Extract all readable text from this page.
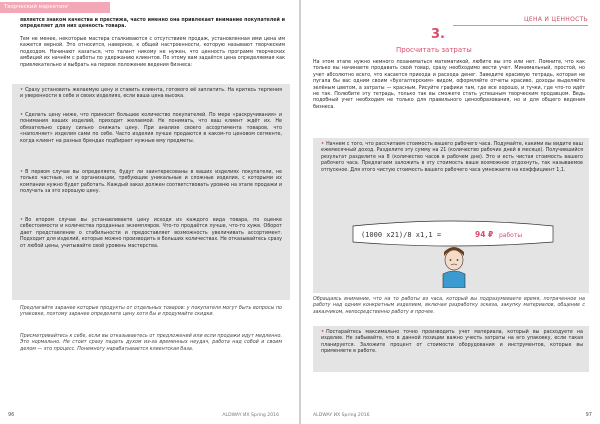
Творческий маркетинг
является знаком качества и престижа, часто именно она привлекает внимание покупателей и определяет для них ценность товара.
Тем не менее, некоторые мастера сталкиваются с отсутствием продаж, установленная ими цена им кажется верной. Это относится, наверное, к общей настроенности, которую называют творческим подходом. Начинают казаться, что талант никому не нужен, что ценность программ творческих амбиций их начнём с работы по удержанию клиентов. По этому вам задаётся цена определяемая как привлекательно и выбрать на первое положение ведения бизнеса:
• Сразу установить желаемую цену и ставить клиента, готового её заплатить. На критесь терпения и уверенности в себе и своих изделиях, если ваша цена высока.
• Сделать цену ниже, что приносит большее количество покупателей. По мере «раскручивания» и понимания ваших изделий, приходит желаемой. Не понимать, что ваш клиент ждёт их. Не обязательно сразу сильно снижать цену. При анализе своего ассортимента товаров, что «наполняет» изделия сами по себе. Часто изделия лучше продаются в каком-то ценовом сегменте, когда клиент на разных брендах подбирает нужные ему предметы.
• В первом случае вы определяете, будут ли заинтересованы в ваших изделиях покупатели, не только частные, но и организации, требующие уникальные и сложные изделия, с которыми их компании нужно будет работать. Каждый заказ должен соответствовать уровню на этапе продажи и получать за это хорошую цену.
• Во втором случае вы устанавливаете цену исходя из каждого вида товара, по оценке себестоимости и количества проданных экземпляров. Что-то продаётся лучше, что-то хуже. Оборот дает представление о стабильности и предоставляет возможность увеличивать ассортимент. Подходит для изделий, которые можно производить в больших количествах. Не отказывайтесь сразу от любой цены, учитывайте свой уровень мастерства.
Предлагайте заранее которые продукты от отдельных товаров: у покупателя могут быть вопросы по упаковке, поэтому заранее определите цену хотя бы и продумайте скидки.
Присматривайтесь к себе, если вы отказываетесь от предложений или если продажи идут медленно. Это нормально. Не стоит сразу падать духом из-за временных неудач, работа над собой и своим делом — это процесс. Понемногу нарабатывается клиентская база.
96	ALDWAY ИХ Spring 2016
ЦЕНА И ЦЕННОСТЬ
3.
Просчитать затраты
На этом этапе нужно немного позаниматься математикой, любите вы это или нет. Помните, что как только вы начинаете продавать свой товар, сразу необходимо вести учет. Минимальный, простой, но учет абсолютно всего, что касается прихода и расхода денег. Заведите красивую тетрадь, которая не пугала бы вас одним своим «бухгалтерским» видом, оформляйте отчеты красиво, доходы выделяйте зелёным цветом, а затраты — красным. Рисуйте графики там, где все хорошо, и тучки, где что-то идёт не так. Полюбите эту тетрадь, только так вы сможете стать успешным творческим продавцом. Ведь подобный учет необходим не только для правильного ценообразования, но и для общего ведения бизнеса.
• Начнем с того, что рассчитаем стоимость вашего рабочего часа. Подумайте, какими вы видите ваш ежемесячный доход. Разделите эту сумму на 21 (количество рабочих дней в месяце). Получившийся результат разделите на 8 (количество часов в рабочем дне). Это и есть чистая стоимость вашего рабочего часа. Предлагаем заложить в эту стоимость ваше возможное отдохнуть, так называемое отпускное. Для этого чистую стоимость вашего рабочего часа умножаете на коэффициент 1,1.
(1000 x21)/8 x1,1 =	94 ₽ работы
Обращаясь внимание, что на то работы из часа, который вы подразумеваете время, потраченное на работу над одним конкретным изделием, включая разработку эскиза, закупку материалов, общение с заказчиком, непосредственно работу и прочее.
• Постарайтесь максимально точно производить учет материала, который вы расходуете на изделие. Не забывайте, что в данной позиции важно учесть затраты на его упаковку, если такая планируется. Заложите процент от стоимости оборудования и инструментов, которые вы применяете в работе.
ALDWAY ИХ Spring 2016	97
